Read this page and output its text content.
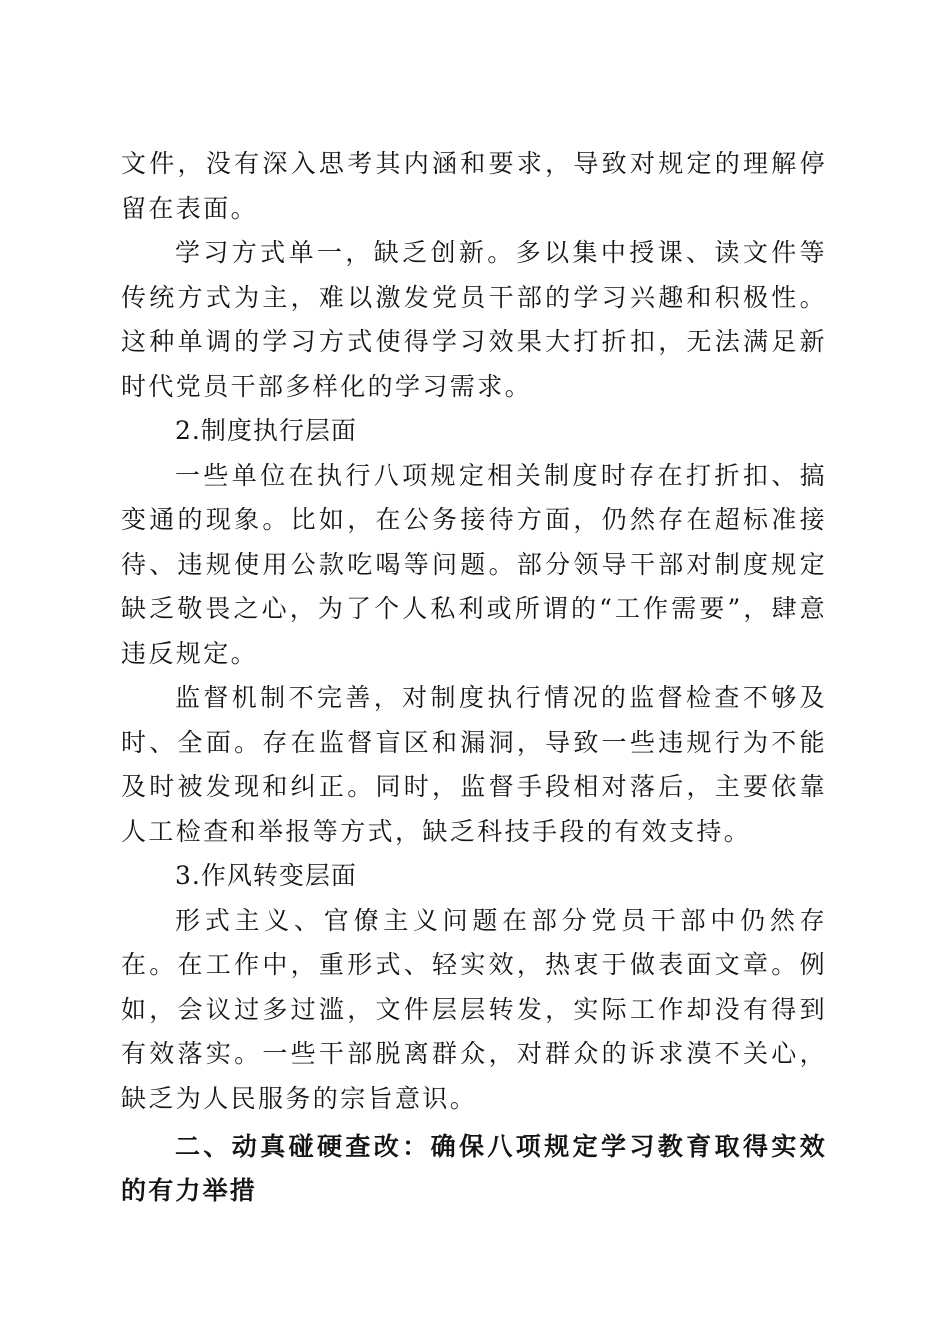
文件，没有深入思考其内涵和要求，导致对规定的理解停留在表面。

学习方式单一，缺乏创新。多以集中授课、读文件等传统方式为主，难以激发党员干部的学习兴趣和积极性。这种单调的学习方式使得学习效果大打折扣，无法满足新时代党员干部多样化的学习需求。

2.制度执行层面

一些单位在执行八项规定相关制度时存在打折扣、搞变通的现象。比如，在公务接待方面，仍然存在超标准接待、违规使用公款吃喝等问题。部分领导干部对制度规定缺乏敬畏之心，为了个人私利或所谓的“工作需要”，肆意违反规定。

监督机制不完善，对制度执行情况的监督检查不够及时、全面。存在监督盲区和漏洞，导致一些违规行为不能及时被发现和纠正。同时，监督手段相对落后，主要依靠人工检查和举报等方式，缺乏科技手段的有效支持。

3.作风转变层面

形式主义、官僚主义问题在部分党员干部中仍然存在。在工作中，重形式、轻实效，热衷于做表面文章。例如，会议过多过滥，文件层层转发，实际工作却没有得到有效落实。一些干部脱离群众，对群众的诉求漠不关心，缺乏为人民服务的宗旨意识。

二、动真碰硬查改：确保八项规定学习教育取得实效的有力举措
